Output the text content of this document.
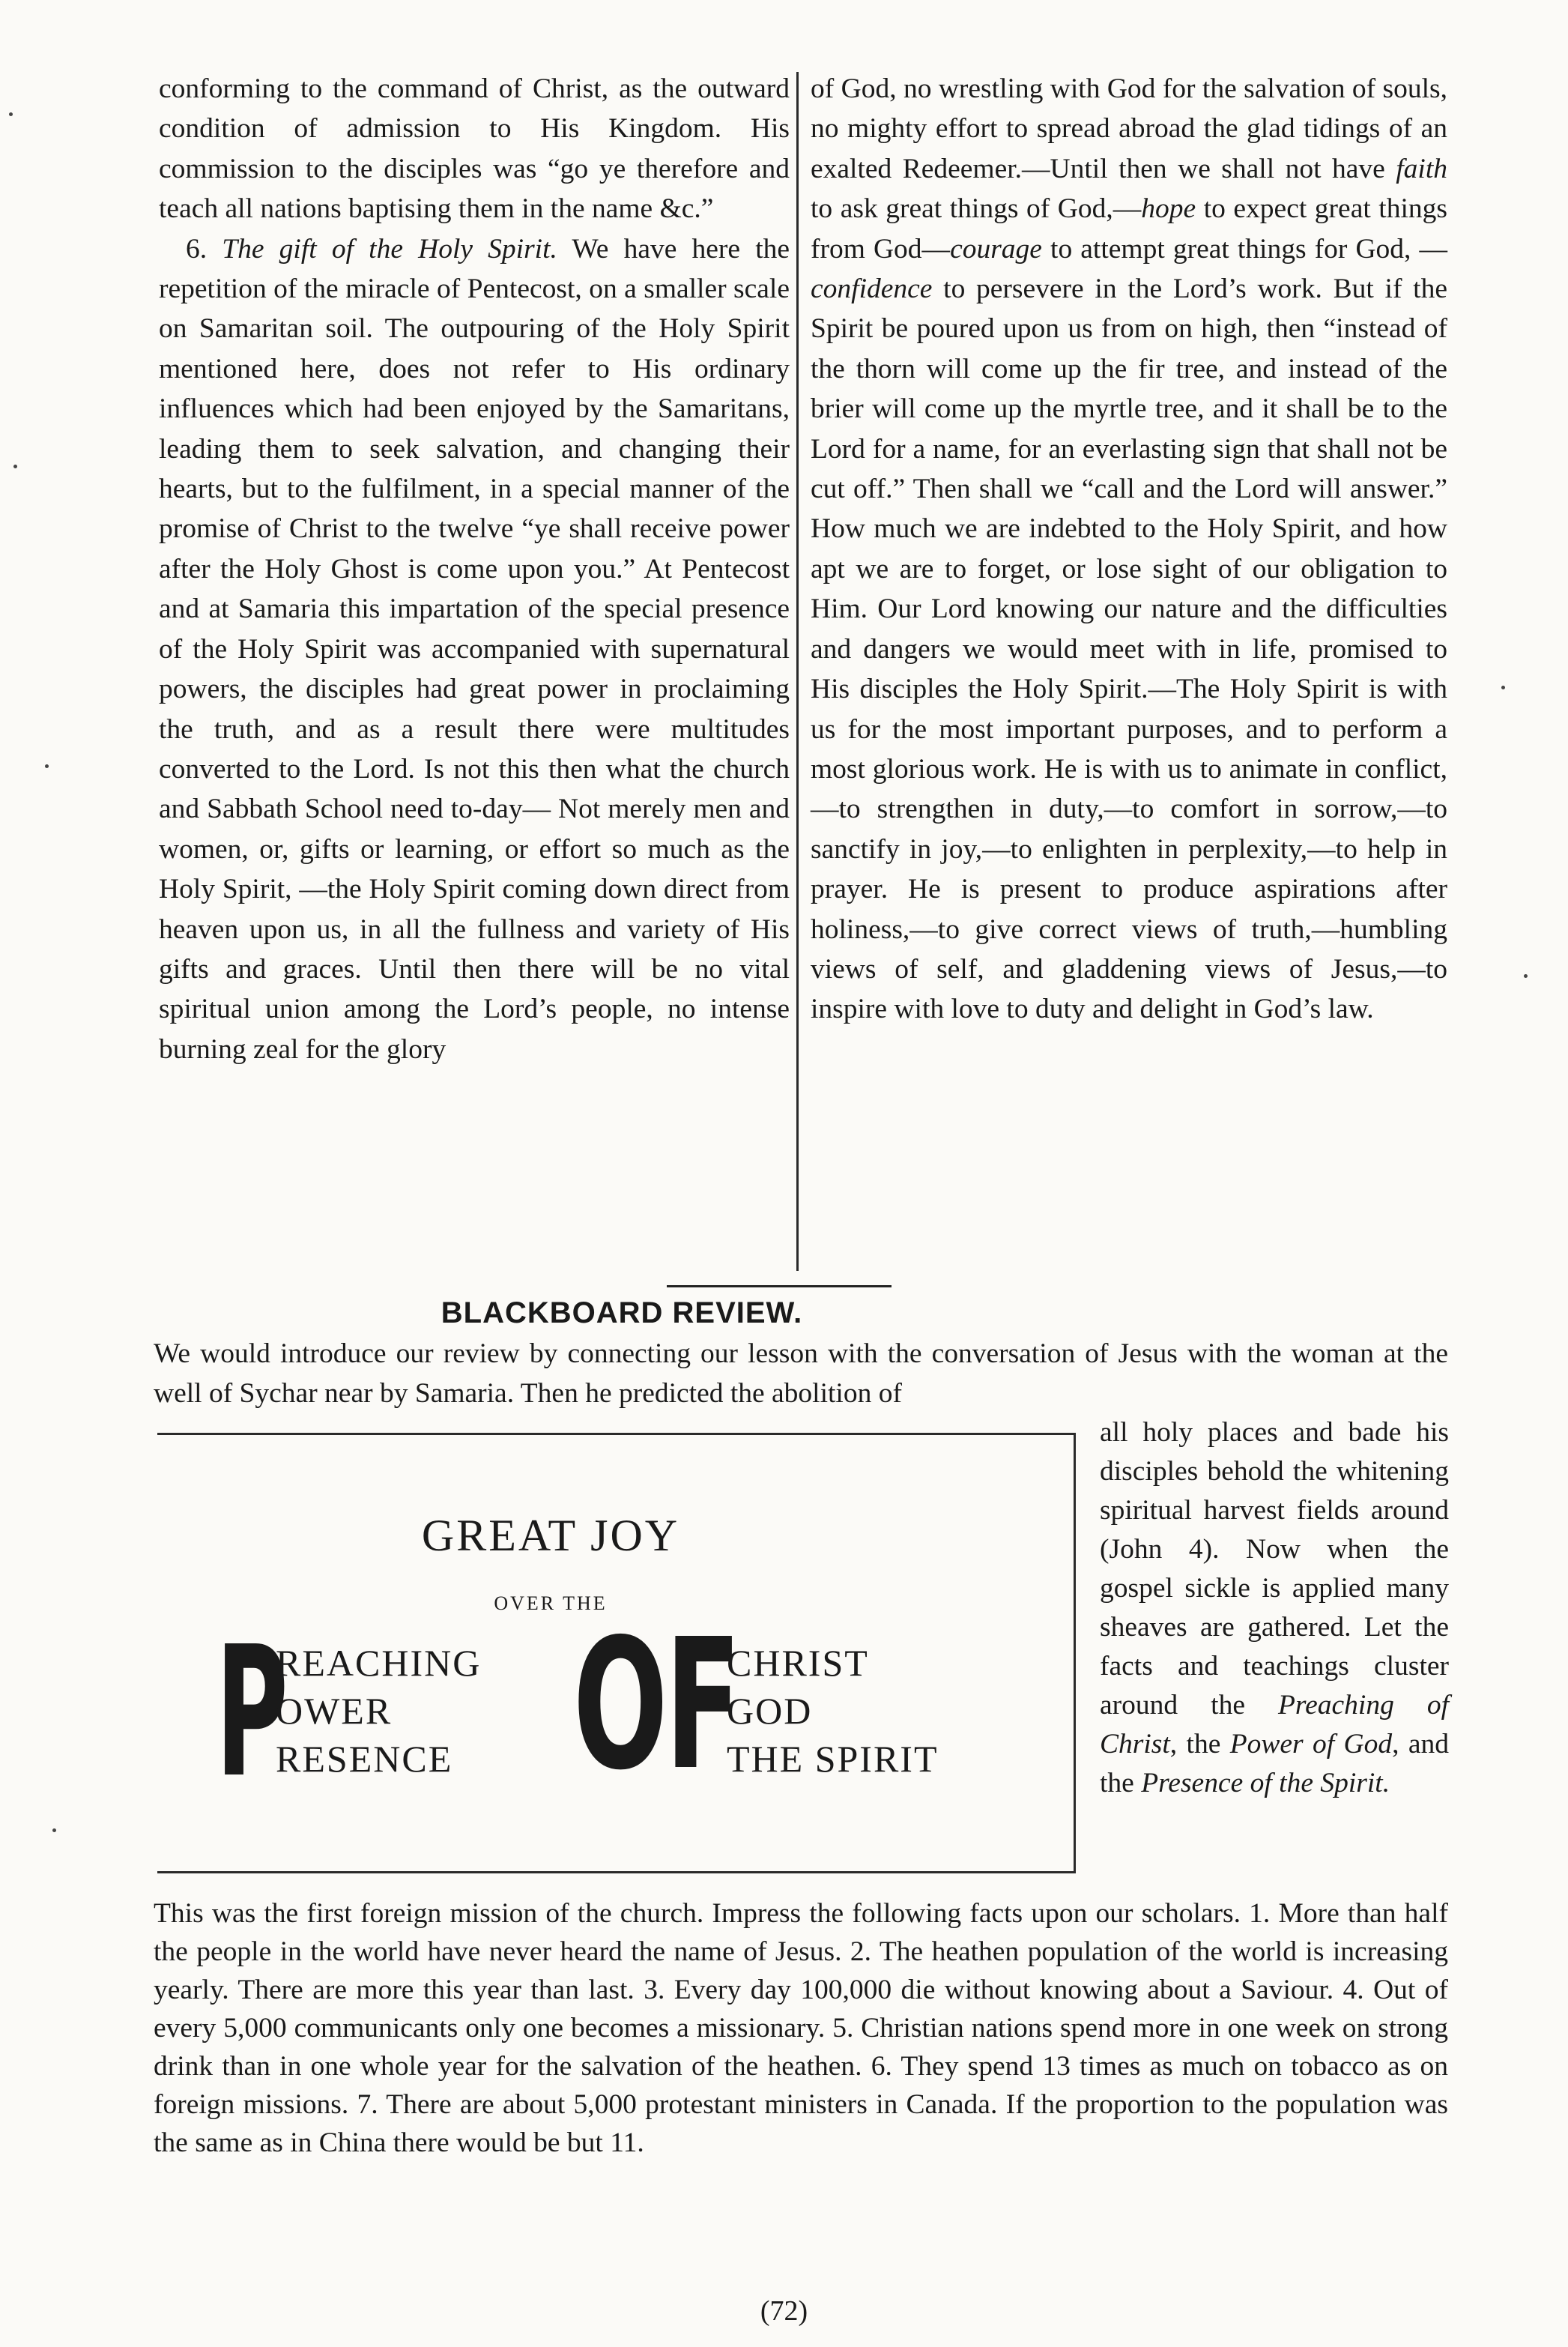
conforming to the command of Christ, as the outward condition of admission to His Kingdom. His commission to the disciples was “go ye therefore and teach all nations baptising them in the name &c.”

6. The gift of the Holy Spirit. We have here the repetition of the miracle of Pentecost, on a smaller scale on Samaritan soil. The outpouring of the Holy Spirit mentioned here, does not refer to His ordinary influences which had been enjoyed by the Samaritans, leading them to seek salvation, and changing their hearts, but to the fulfilment, in a special manner of the promise of Christ to the twelve “ye shall receive power after the Holy Ghost is come upon you.” At Pentecost and at Samaria this impartation of the special presence of the Holy Spirit was accompanied with supernatural powers, the disciples had great power in proclaiming the truth, and as a result there were multitudes converted to the Lord. Is not this then what the church and Sabbath School need to-day— Not merely men and women, or, gifts or learning, or effort so much as the Holy Spirit, —the Holy Spirit coming down direct from heaven upon us, in all the fullness and variety of His gifts and graces. Until then there will be no vital spiritual union among the Lord’s people, no intense burning zeal for the glory

of God, no wrestling with God for the salvation of souls, no mighty effort to spread abroad the glad tidings of an exalted Redeemer.—Until then we shall not have faith to ask great things of God,—hope to expect great things from God—courage to attempt great things for God, —confidence to persevere in the Lord’s work. But if the Spirit be poured upon us from on high, then “instead of the thorn will come up the fir tree, and instead of the brier will come up the myrtle tree, and it shall be to the Lord for a name, for an everlasting sign that shall not be cut off.” Then shall we “call and the Lord will answer.” How much we are indebted to the Holy Spirit, and how apt we are to forget, or lose sight of our obligation to Him. Our Lord knowing our nature and the difficulties and dangers we would meet with in life, promised to His disciples the Holy Spirit.—The Holy Spirit is with us for the most important purposes, and to perform a most glorious work. He is with us to animate in conflict,—to strengthen in duty,—to comfort in sorrow,—to sanctify in joy,—to enlighten in perplexity,—to help in prayer. He is present to produce aspirations after holiness,—to give correct views of truth,—humbling views of self, and gladdening views of Jesus,—to inspire with love to duty and delight in God’s law.

BLACKBOARD REVIEW.
We would introduce our review by connecting our lesson with the conversation of Jesus with the woman at the well of Sychar near by Samaria. Then he predicted the abolition of
GREAT JOY
OVER THE
P
REACHING
OWER
RESENCE OF
CHRIST
GOD
THE SPIRIT
all holy places and bade his disciples behold the whitening spiritual harvest fields around (John 4). Now when the gospel sickle is applied many sheaves are gathered. Let the facts and teachings cluster around the Preaching of Christ, the Power of God, and the Presence of the Spirit.
This was the first foreign mission of the church. Impress the following facts upon our scholars. 1. More than half the people in the world have never heard the name of Jesus. 2. The heathen population of the world is increasing yearly. There are more this year than last. 3. Every day 100,000 die without knowing about a Saviour. 4. Out of every 5,000 communicants only one becomes a missionary. 5. Christian nations spend more in one week on strong drink than in one whole year for the salvation of the heathen. 6. They spend 13 times as much on tobacco as on foreign missions. 7. There are about 5,000 protestant ministers in Canada. If the proportion to the population was the same as in China there would be but 11.
(72)
